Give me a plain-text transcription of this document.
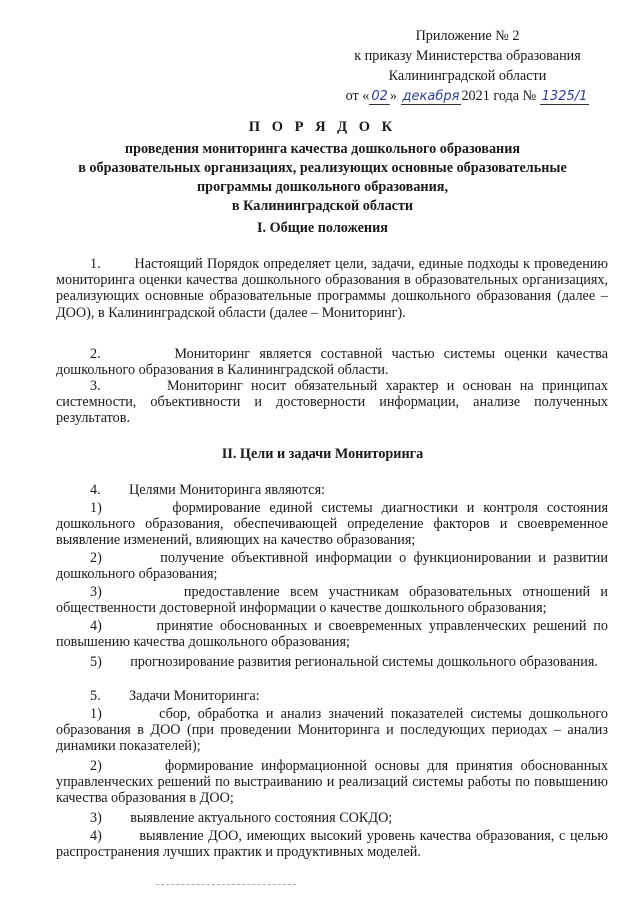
Приложение № 2
к приказу Министерства образования
Калининградской области
от « 02 » декабря 2021 года № 1325/1
П О Р Я Д О К
проведения мониторинга качества дошкольного образования
в образовательных организациях, реализующих основные образовательные
программы дошкольного образования,
в Калининградской области
I. Общие положения
1.        Настоящий Порядок определяет цели, задачи, единые подходы к проведению мониторинга оценки качества дошкольного образования в образовательных организациях, реализующих основные образовательные программы дошкольного образования (далее – ДОО), в Калининградской области (далее – Мониторинг).
2.        Мониторинг является составной частью системы оценки качества дошкольного образования в Калининградской области.
3.        Мониторинг носит обязательный характер и основан на принципах системности, объективности и достоверности информации, анализе полученных результатов.
II. Цели и задачи Мониторинга
4.        Целями Мониторинга являются:
1)        формирование единой системы диагностики и контроля состояния дошкольного образования, обеспечивающей определение факторов и своевременное выявление изменений, влияющих на качество образования;
2)        получение объективной информации о функционировании и развитии дошкольного образования;
3)        предоставление всем участникам образовательных отношений и общественности достоверной информации о качестве дошкольного образования;
4)        принятие обоснованных и своевременных управленческих решений по повышению качества дошкольного образования;
5)        прогнозирование развития региональной системы дошкольного образования.
5.        Задачи Мониторинга:
1)        сбор, обработка и анализ значений показателей системы дошкольного образования в ДОО (при проведении Мониторинга и последующих периодах – анализ динамики показателей);
2)        формирование информационной основы для принятия обоснованных управленческих решений по выстраиванию и реализаций системы работы по повышению качества образования в ДОО;
3)        выявление актуального состояния СОКДО;
4)        выявление ДОО, имеющих высокий уровень качества образования, с целью распространения лучших практик и продуктивных моделей.
